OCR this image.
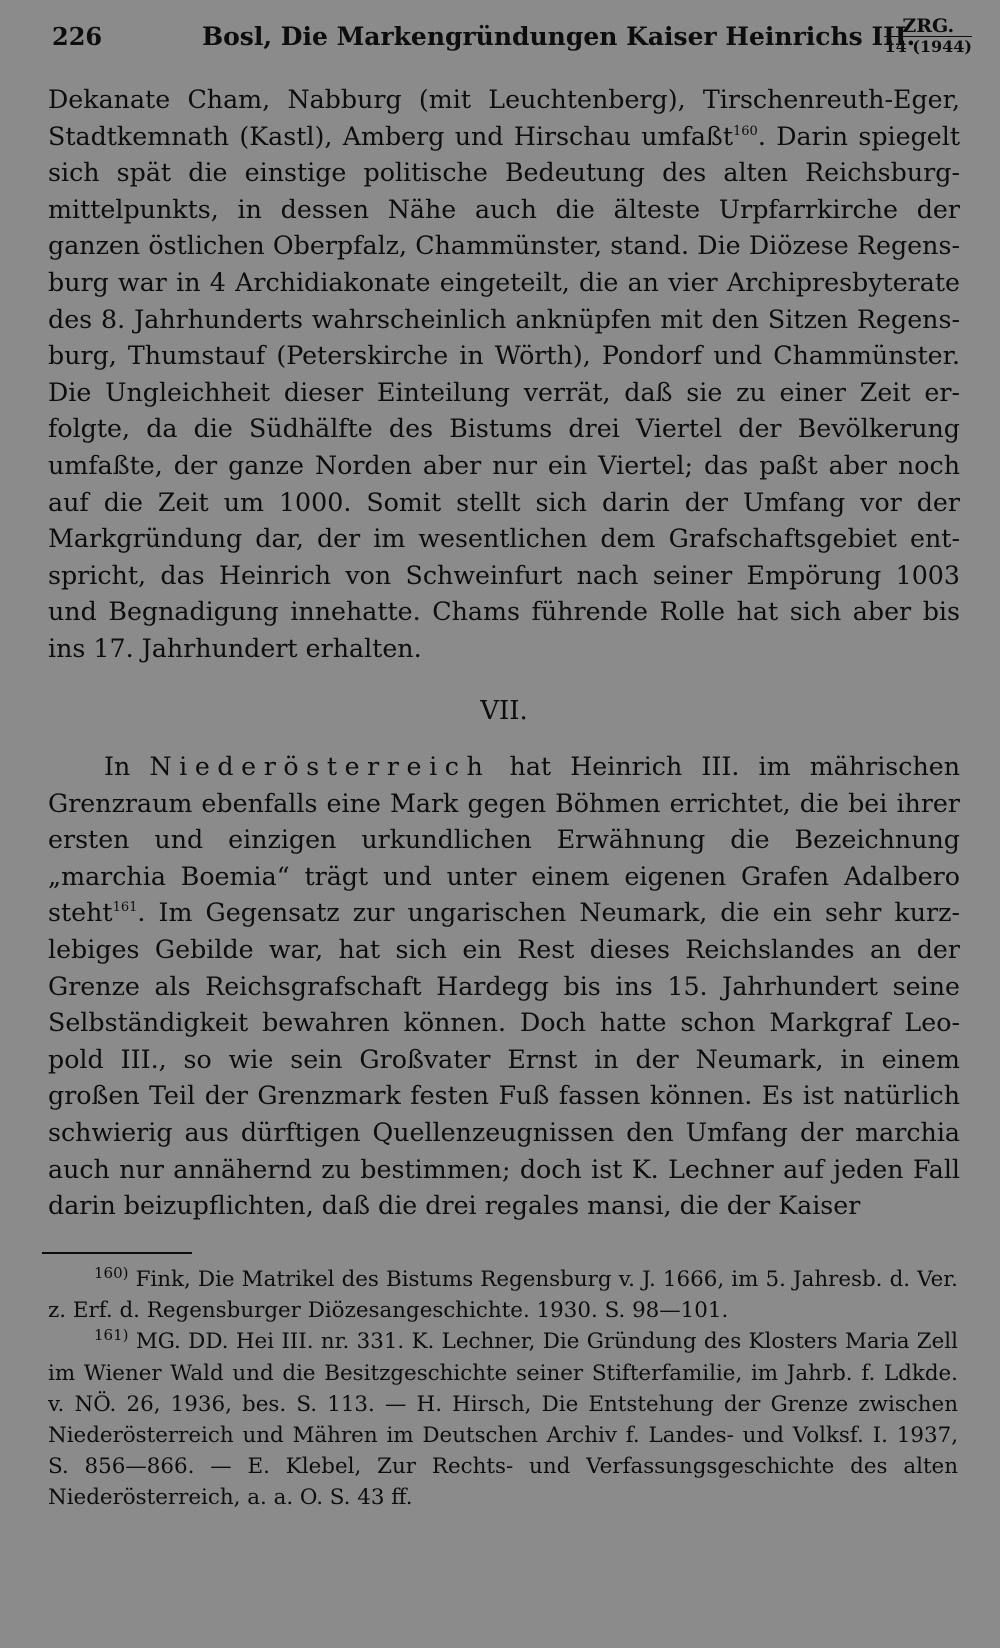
226	Bosl, Die Markengründungen Kaiser Heinrichs III.
ZRG.
14 (1944)

Dekanate Cham, Nabburg (mit Leuchtenberg), Tirschenreuth-Eger, Stadtkemnath (Kastl), Amberg und Hirschau umfaßt$^{160}$. Darin spiegelt sich spät die einstige politische Bedeutung des alten Reichsburgmittelpunkts, in dessen Nähe auch die älteste Urpfarrkirche der ganzen östlichen Oberpfalz, Chammünster, stand. Die Diözese Regensburg war in 4 Archidiakonate eingeteilt, die an vier Archipresbyterate des 8. Jahrhunderts wahrscheinlich anknüpfen mit den Sitzen Regensburg, Thumstauf (Peterskirche in Wörth), Pondorf und Chammünster. Die Ungleichheit dieser Einteilung verrät, daß sie zu einer Zeit erfolgte, da die Südhälfte des Bistums drei Viertel der Bevölkerung umfaßte, der ganze Norden aber nur ein Viertel; das paßt aber noch auf die Zeit um 1000. Somit stellt sich darin der Umfang vor der Markgründung dar, der im wesentlichen dem Grafschaftsgebiet entspricht, das Heinrich von Schweinfurt nach seiner Empörung 1003 und Begnadigung innehatte. Chams führende Rolle hat sich aber bis ins 17. Jahrhundert erhalten.

VII.

In Niederösterreich hat Heinrich III. im mährischen Grenzraum ebenfalls eine Mark gegen Böhmen errichtet, die bei ihrer ersten und einzigen urkundlichen Erwähnung die Bezeichnung „marchia Boemia“ trägt und unter einem eigenen Grafen Adalbero steht$^{161}$. Im Gegensatz zur ungarischen Neumark, die ein sehr kurzlebiges Gebilde war, hat sich ein Rest dieses Reichslandes an der Grenze als Reichsgrafschaft Hardegg bis ins 15. Jahrhundert seine Selbständigkeit bewahren können. Doch hatte schon Markgraf Leopold III., so wie sein Großvater Ernst in der Neumark, in einem großen Teil der Grenzmark festen Fuß fassen können. Es ist natürlich schwierig aus dürftigen Quellenzeugnissen den Umfang der marchia auch nur annähernd zu bestimmen; doch ist K. Lechner auf jeden Fall darin beizupflichten, daß die drei regales mansi, die der Kaiser

$^{160)}$ Fink, Die Matrikel des Bistums Regensburg v. J. 1666, im 5. Jahresb. d. Ver. z. Erf. d. Regensburger Diözesangeschichte. 1930. S. 98—101.

$^{161)}$ MG. DD. Hei III. nr. 331. K. Lechner, Die Gründung des Klosters Maria Zell im Wiener Wald und die Besitzgeschichte seiner Stifterfamilie, im Jahrb. f. Ldkde. v. NÖ. 26, 1936, bes. S. 113. — H. Hirsch, Die Entstehung der Grenze zwischen Niederösterreich und Mähren im Deutschen Archiv f. Landes- und Volksf. I. 1937, S. 856—866. — E. Klebel, Zur Rechts- und Verfassungsgeschichte des alten Niederösterreich, a. a. O. S. 43 ff.
